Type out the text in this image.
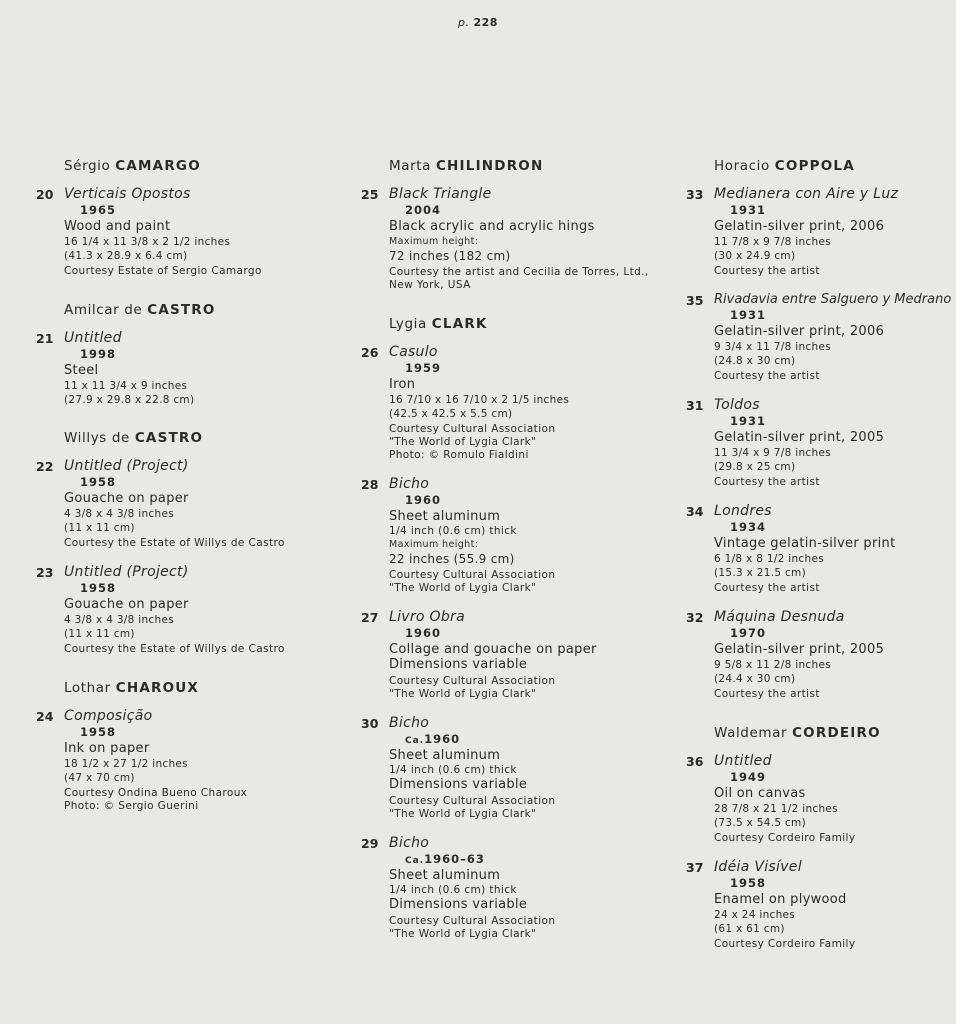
p. 228
Sérgio CAMARGO
20 Verticais Opostos
1965
Wood and paint
16 1/4 x 11 3/8 x 2 1/2 inches
(41.3 x 28.9 x 6.4 cm)
Courtesy Estate of Sergio Camargo
Amilcar de CASTRO
21 Untitled
1998
Steel
11 x 11 3/4 x 9 inches
(27.9 x 29.8 x 22.8 cm)
Willys de CASTRO
22 Untitled (Project)
1958
Gouache on paper
4 3/8 x 4 3/8 inches
(11 x 11 cm)
Courtesy the Estate of Willys de Castro
23 Untitled (Project)
1958
Gouache on paper
4 3/8 x 4 3/8 inches
(11 x 11 cm)
Courtesy the Estate of Willys de Castro
Lothar CHAROUX
24 Composição
1958
Ink on paper
18 1/2 x 27 1/2 inches
(47 x 70 cm)
Courtesy Ondina Bueno Charoux
Photo: © Sergio Guerini
Marta CHILINDRON
25 Black Triangle
2004
Black acrylic and acrylic hings
Maximum height:
72 inches (182 cm)
Courtesy the artist and Cecilia de Torres, Ltd.,
New York, USA
Lygia CLARK
26 Casulo
1959
Iron
16 7/10 x 16 7/10 x 2 1/5 inches
(42.5 x 42.5 x 5.5 cm)
Courtesy Cultural Association
"The World of Lygia Clark"
Photo: © Romulo Fialdini
28 Bicho
1960
Sheet aluminum
1/4 inch (0.6 cm) thick
Maximum height:
22 inches (55.9 cm)
Courtesy Cultural Association
"The World of Lygia Clark"
27 Livro Obra
1960
Collage and gouache on paper
Dimensions variable
Courtesy Cultural Association
"The World of Lygia Clark"
30 Bicho
Ca.1960
Sheet aluminum
1/4 inch (0.6 cm) thick
Dimensions variable
Courtesy Cultural Association
"The World of Lygia Clark"
29 Bicho
Ca.1960–63
Sheet aluminum
1/4 inch (0.6 cm) thick
Dimensions variable
Courtesy Cultural Association
"The World of Lygia Clark"
Horacio COPPOLA
33 Medianera con Aire y Luz
1931
Gelatin-silver print, 2006
11 7/8 x 9 7/8 inches
(30 x 24.9 cm)
Courtesy the artist
35 Rivadavia entre Salguero y Medrano
1931
Gelatin-silver print, 2006
9 3/4 x 11 7/8 inches
(24.8 x 30 cm)
Courtesy the artist
31 Toldos
1931
Gelatin-silver print, 2005
11 3/4 x 9 7/8 inches
(29.8 x 25 cm)
Courtesy the artist
34 Londres
1934
Vintage gelatin-silver print
6 1/8 x 8 1/2 inches
(15.3 x 21.5 cm)
Courtesy the artist
32 Máquina Desnuda
1970
Gelatin-silver print, 2005
9 5/8 x 11 2/8 inches
(24.4 x 30 cm)
Courtesy the artist
Waldemar CORDEIRO
36 Untitled
1949
Oil on canvas
28 7/8 x 21 1/2 inches
(73.5 x 54.5 cm)
Courtesy Cordeiro Family
37 Idéia Visível
1958
Enamel on plywood
24 x 24 inches
(61 x 61 cm)
Courtesy Cordeiro Family
